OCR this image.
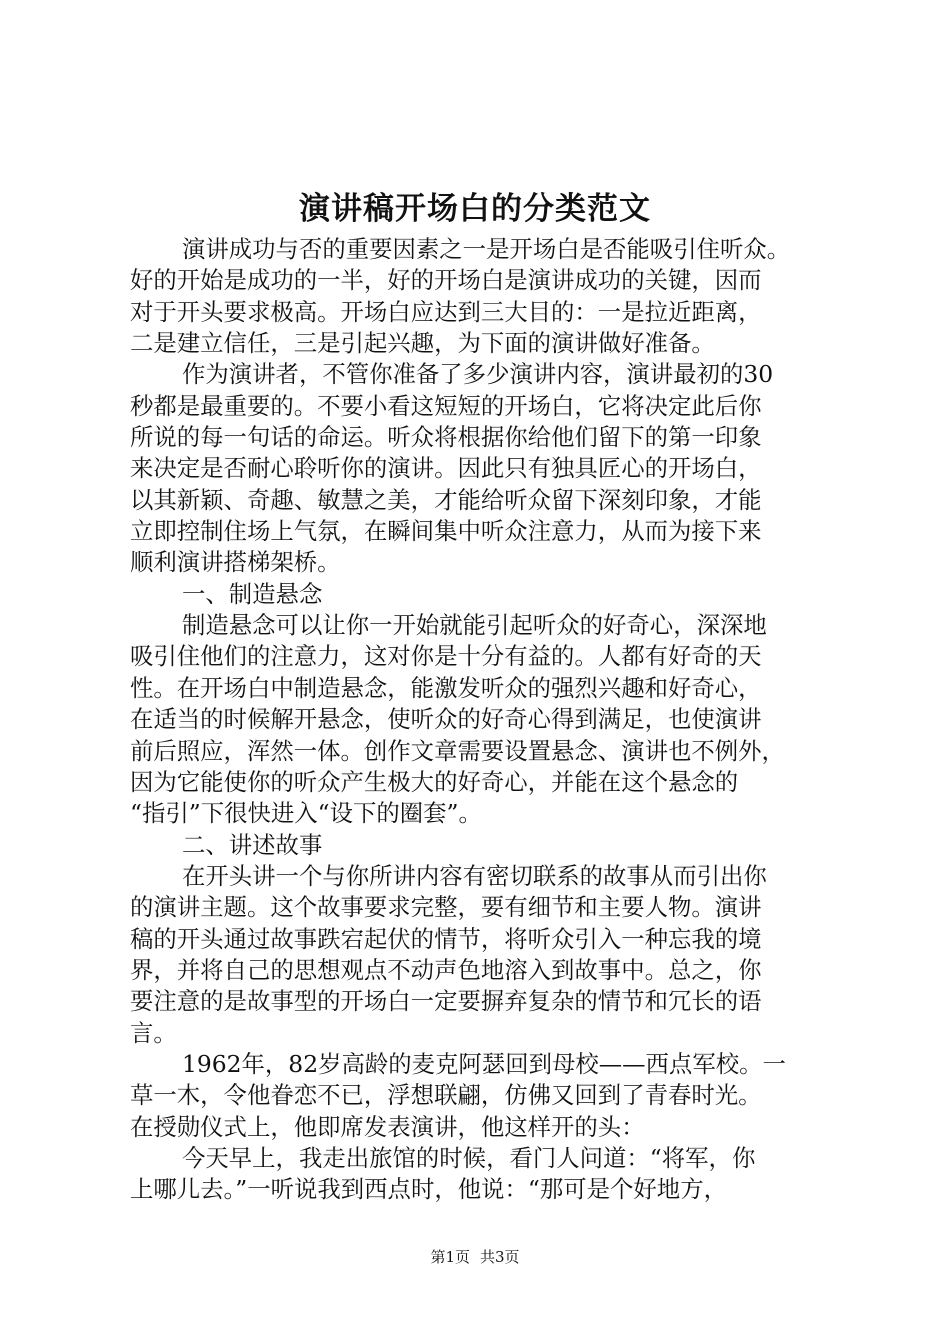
演讲稿开场白的分类范文
演讲成功与否的重要因素之一是开场白是否能吸引住听众。
好的开始是成功的一半，好的开场白是演讲成功的关键，因而
对于开头要求极高。开场白应达到三大目的：一是拉近距离，
二是建立信任，三是引起兴趣，为下面的演讲做好准备。
作为演讲者，不管你准备了多少演讲内容，演讲最初的30
秒都是最重要的。不要小看这短短的开场白，它将决定此后你
所说的每一句话的命运。听众将根据你给他们留下的第一印象
来决定是否耐心聆听你的演讲。因此只有独具匠心的开场白，
以其新颖、奇趣、敏慧之美，才能给听众留下深刻印象，才能
立即控制住场上气氛，在瞬间集中听众注意力，从而为接下来
顺利演讲搭梯架桥。
一、制造悬念
制造悬念可以让你一开始就能引起听众的好奇心，深深地
吸引住他们的注意力，这对你是十分有益的。人都有好奇的天
性。在开场白中制造悬念，能激发听众的强烈兴趣和好奇心，
在适当的时候解开悬念，使听众的好奇心得到满足，也使演讲
前后照应，浑然一体。创作文章需要设置悬念、演讲也不例外，
因为它能使你的听众产生极大的好奇心，并能在这个悬念的
“指引”下很快进入“设下的圈套”。
二、讲述故事
在开头讲一个与你所讲内容有密切联系的故事从而引出你
的演讲主题。这个故事要求完整，要有细节和主要人物。演讲
稿的开头通过故事跌宕起伏的情节，将听众引入一种忘我的境
界，并将自己的思想观点不动声色地溶入到故事中。总之，你
要注意的是故事型的开场白一定要摒弃复杂的情节和冗长的语
言。
1962年，82岁高龄的麦克阿瑟回到母校——西点军校。一
草一木，令他眷恋不已，浮想联翩，仿佛又回到了青春时光。
在授勋仪式上，他即席发表演讲，他这样开的头：
今天早上，我走出旅馆的时候，看门人问道：“将军，你
上哪儿去。”一听说我到西点时，他说：“那可是个好地方，
第1页 共3页
